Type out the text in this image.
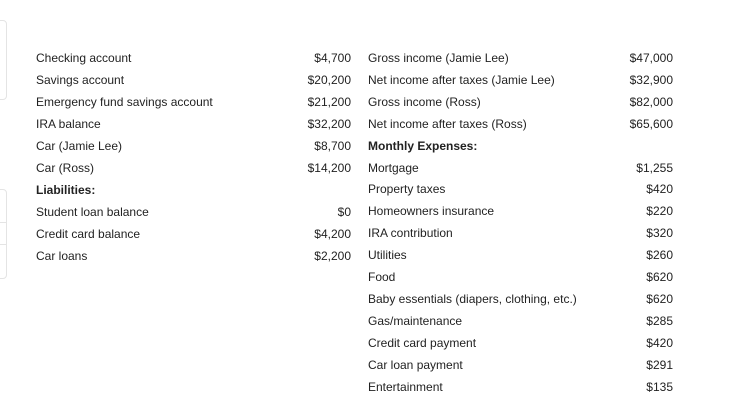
Checking account	$4,700
Savings account	$20,200
Emergency fund savings account	$21,200
IRA balance	$32,200
Car (Jamie Lee)	$8,700
Car (Ross)	$14,200
Liabilities:
Student loan balance	$0
Credit card balance	$4,200
Car loans	$2,200
Gross income (Jamie Lee)	$47,000
Net income after taxes (Jamie Lee)	$32,900
Gross income (Ross)	$82,000
Net income after taxes (Ross)	$65,600
Monthly Expenses:
Mortgage	$1,255
Property taxes	$420
Homeowners insurance	$220
IRA contribution	$320
Utilities	$260
Food	$620
Baby essentials (diapers, clothing, etc.)	$620
Gas/maintenance	$285
Credit card payment	$420
Car loan payment	$291
Entertainment	$135
